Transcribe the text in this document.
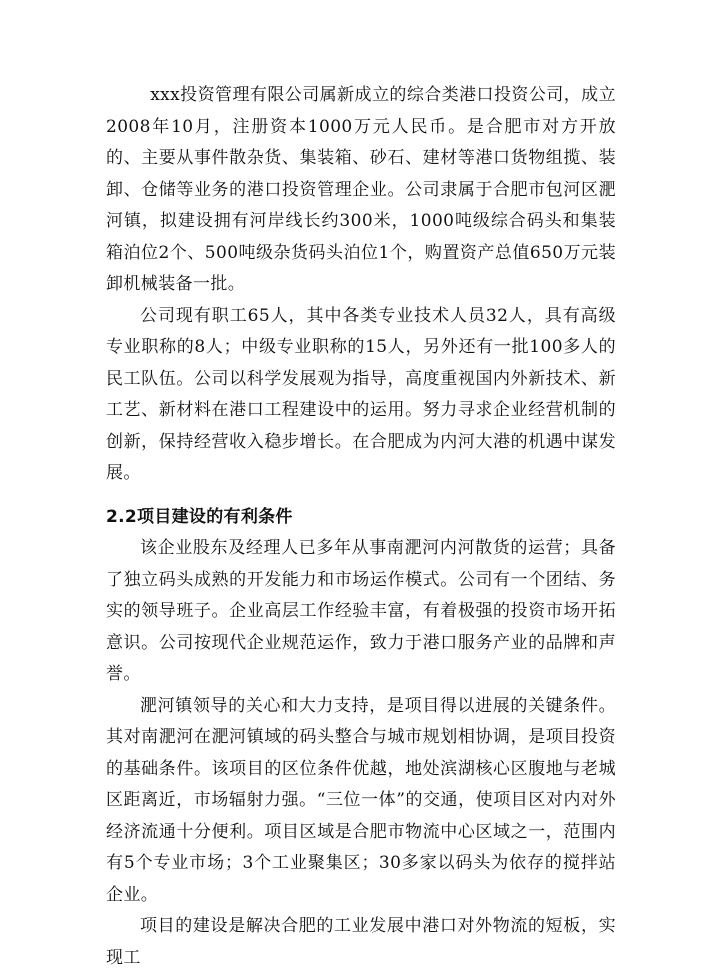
xxx投资管理有限公司属新成立的综合类港口投资公司，成立2008年10月，注册资本1000万元人民币。是合肥市对方开放的、主要从事件散杂货、集装箱、砂石、建材等港口货物组揽、装卸、仓储等业务的港口投资管理企业。公司隶属于合肥市包河区淝河镇，拟建设拥有河岸线长约300米，1000吨级综合码头和集装箱泊位2个、500吨级杂货码头泊位1个，购置资产总值650万元装卸机械装备一批。

公司现有职工65人，其中各类专业技术人员32人，具有高级专业职称的8人；中级专业职称的15人，另外还有一批100多人的民工队伍。公司以科学发展观为指导，高度重视国内外新技术、新工艺、新材料在港口工程建设中的运用。努力寻求企业经营机制的创新，保持经营收入稳步增长。在合肥成为内河大港的机遇中谋发展。

2.2项目建设的有利条件

该企业股东及经理人已多年从事南淝河内河散货的运营；具备了独立码头成熟的开发能力和市场运作模式。公司有一个团结、务实的领导班子。企业高层工作经验丰富，有着极强的投资市场开拓意识。公司按现代企业规范运作，致力于港口服务产业的品牌和声誉。

淝河镇领导的关心和大力支持，是项目得以进展的关键条件。其对南淝河在淝河镇域的码头整合与城市规划相协调，是项目投资的基础条件。该项目的区位条件优越，地处滨湖核心区腹地与老城区距离近，市场辐射力强。“三位一体”的交通，使项目区对内对外经济流通十分便利。项目区域是合肥市物流中心区域之一，范围内有5个专业市场；3个工业聚集区；30多家以码头为依存的搅拌站企业。

项目的建设是解决合肥的工业发展中港口对外物流的短板，实现工
